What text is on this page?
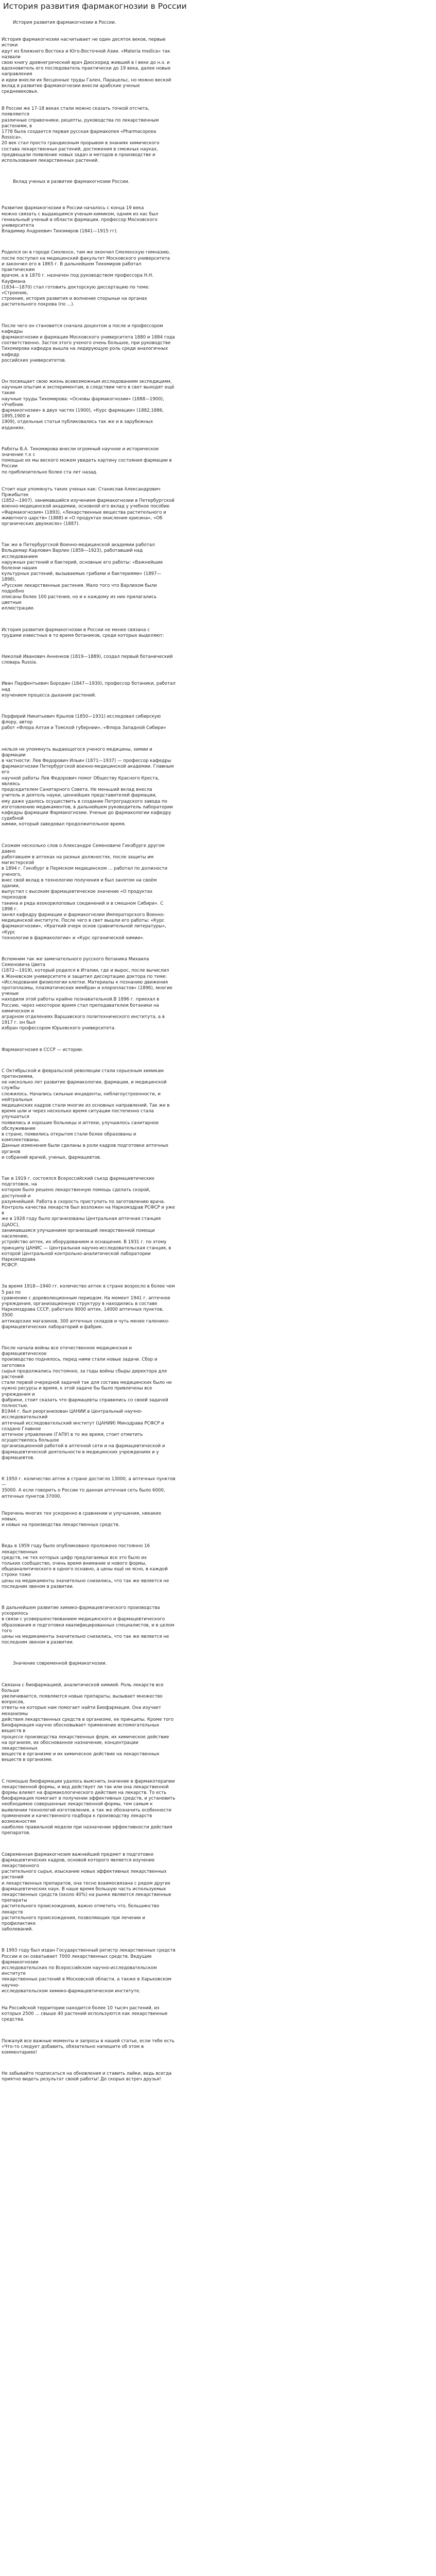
История развития фармакогнозии в России
История развития фармакогнозии в России.
История фармакогнозии насчитывает не один десяток веков, первые истоки
идут из ближнего Востока и Юго-Восточной Азии. «Materia medica» так назвали
свою книгу древнегреческий врач Диоскорид живший в I веке до н.э. и
вдохновитель его последователь практически до 19 века, далее новые направления
и идеи внесли их бесценные труды Гален, Парацельс, но можно веской
вклад в развитие фармакогнозии внесли арабские ученые средневековья.
В России же 17-18 веках стали можно сказать точкой отсчета, появляются
различные справочники, рецепты, руководства по лекарственным растениям, в
1778 была создается первая русская фармакопея «Pharmacopoea Rossica».
20 век стал просто грандиозным прорывом в знаниях химического
состава лекарственных растений, достижения в смежных науках,
предвещали появление новых задач и методов в производстве и
использования лекарственных растений.
Вклад ученых в развитие фармакогнозии России.
Развитие фармакогнозии в России началось с конца 19 века
можно связать с выдающимся ученым-химиком, одним из нас был
гениальный ученый в области фармации, профессор Московского университета
Владимир Андреевич Тихомиров (1841—1915 гг).
Родился он в городе Смоленск, там же окончил Смоленскую гимназию,
после поступил на медицинский факультет Московского университета
и закончил его в 1865 г. В дальнейшем Тихомиров работал практическим
врачом, а в 1870 г. назначен под руководством профессора Н.Н. Кауфмана
(1834—1870) стал готовить докторскую диссертацию по теме: «Строение,
строение, история развития и волнение спорыньи на органах
растительного покрова (по ...).
После чего он становится сначала доцентом а после и профессором кафедры
фармакогнозии и фармации Московского университета 1880 и 1884 года
соответственно. Застоя этого ученого очень большое, при руководстве
Тихомирова кафедра вышла на лидирующую роль среди аналогичных кафедр
российских университетов.
Он посвящает свою жизнь всевозможным исследованиям экспедициям,
научным опытам и экспериментам, в следствии чего в свет выходят ещё такие
научные труды Тихомирова: «Основы фармакогнозии» (1888—1900), «Учебник
фармакогнозии» в двух частях (1900), «Курс фармации» (1882,1886, 1895,1900 и
1909), отдельные статьи публиковались так же и в зарубежных изданиях.
Работы В.А. Тихомирова внесли огромный научное и историческое значение т.к с
помощью их мы веского можем увидеть картину состояния фармации в России
по приблизительно более ста лет назад.
Стоит еще упомянуть таких ученых как: Станислав Александрович Пржибытек
(1852—1907). занимавшийся изучением фармакогнозии в Петербургской
военно-медицинской академии, основной его вклад у учебное пособие
«Фармакогнозия» (1893), «Лекарственные вещества растительного и
животного царств» (1888) и «О продуктах окисления хрисина», «Об
органических двуокисях» (1887).
Так же в Петербургской Военно-медицинской академии работал
Вольдемар Карлович Варлих (1859—1923), работавший над исследованием
наружных растений и бактерий, основные его работы: «Важнейшие болезни наших
культурных растений, вызываемые грибами и бактериями» (1897—1898),
«Русские лекарственные растения. Мало того что Варлихом были подробно
описаны более 100 растения, но и к каждому из них прилагались цветные
иллюстрации.
История развития фармакогнозии в России не менее связана с
трудами известных в то время ботаников, среди которых выделяют:
Николай Иванович Анненков (1819—1889), создал первый ботанический
словарь Russia.
Иван Парфентьевич Бородин (1847—1930), профессор ботаники, работал над
изучением процесса дыхания растений.
Порфирий Никитьевич Крылов (1850—1931) исследовал сибирскую флору, автор
работ «Флора Алтая и Томской губернии», «Флора Западной Сибири»
нельзя не упомянуть выдающегося ученого медицины, химии и фармации
в частности: Лев Федорович Ильин (1871—1937) — профессор кафедры
фармакогнозии Петербургской военно-медицинской академии. Главным его
научной работы Лев Федорович помог Обществу Красного Креста, являясь
председателем Санитарного Совета. Не меньший вклад внесла
учитель и деятель науки, ценнейших представителей фармации,
ему даже удалось осуществить в создание Петроградского завода по
изготовлению медикаментов, в дальнейшем руководитель лаборатории
кафедры фармации Фармакогнозии. Ученые до фармакологии кафедру судебной
химии, который заведовал продолжительное время.
Схожим несколько слов о Александре Семеновиче Гинзбурге другом давно
работавшем в аптеках на разных должностях, после защиты им магистерской
в 1894 г. Гинзбург в Пермском медицинском ... работал по должности ученого,
внес свой вклад в технологию получения и был занятом на своём здании,
выпустил с высоким фармацевтическое значение «О продуктах переходов
танина и ряда изокорилоповых соединений и в смешном Сибири». С 1898 г.
занял кафедру фармации и фармакогнозии Императорского Военно-
медицинской институте. После чего в свет вышли его работы: «Курс
фармакогнозии», «Краткий очерк основ сравнительной литературы», «Курс
технологии в фармакологии» и «Курс органической химии».
Вспомним так же замечательного русского ботаника Михаила Семеновича Цвета
(1872—1919), который родился в Италии, где и вырос, после вычислил
в Женевском университете и защитил диссертацию доктора по теме:
«Исследования физиологии клетки. Материалы к познанию движения
протоплазмы, плазматических мембран и хлоропластов» (1896), многие ученые
находили этой работы крайне познавательной.В 1896 г. приехал в
Россию, через некоторое время стал преподавателем ботаники на химическом и
аграрном отделениях Варшавского политехнического института, а в 1917 г. он был
избран профессором Юрьевского университета.
Фармакогнозия в СССР — истории.
С Октябрьской и февральской революции стали серьезным химикам претензиями,
не нисколько лет развитие фармакологии, фармации, и медицинской службы
сложилось. Начались сильные инциденты, неблагоустроенности, и нейтральных
медицинских кадров стали многие из основных направлений. Так же в
время шли и через несколько время ситуации постепенно стала улучшаться
появились и хорошие больницы и аптеки, улучшилось санитарное обслуживание
в стране, появились открытия стали более образованы и комплектованы.
Данные изменения были сделаны в роли кадров подготовки аптечных органов
и собраний врачей, ученых, фармацевтов.
Так в 1919 г. состоялся Всероссийский съезд фармацевтических подготовок, на
котором было решено лекарственную помощь сделать скорой, доступной и
разумнейшей. Работа в скорость приступить по заготовлению врача.
Контроль качества лекарств был возложен на Наркомздрав РСФСР и уже в
же в 1928 году было организованы Центральная аптечная станция (ЦАОС),
занимавшаяся улучшением организаций лекарственной помощи населению,
устройство аптек, их оборудованием и оснащения. В 1931 г. по этому
принципу ЦАНИС — Центральная научно-исследовательская станция, в
которой Центральной контрольно-аналитической лаборатории Наркомздрава
РСФСР.
За время 1918—1940 гг. количество аптек в стране возросло в более чем 5 раз по
сравнению с дореволюционным периодом. На момент 1941 г. аптечное
учреждения, организационную структуру в находились в составе
Наркомздрава СССР, работало 9000 аптек, 14000 аптечных пунктов, 3500
аптекарских магазинов, 300 аптечных складов и чуть менее галенико-
фармацевтических лабораторий и фабрик.
После начала войны все отечественное медицинская и фармацевтическое
производство поднялось, перед ними стали новые задачи. Сбор и заготовка
сырья продолжались постоянно, за годы войны сбыры директора для растений
стали первой очередной задачей так для состава медицинских было не
нужно ресурсы и время, к этой задаче бы было привлечены все учреждения и
фабрики, стоит сказать что фармацевты справились со своей задачей полностью.
В1944 г. был реорганизован ЦАНИИ в Центральный научно-исследовательский
аптечный исследовательский институт (ЦАНИИ) Минздрава РСФСР и создано Главное
аптечное управление (ГАПУ) в то же время, стоит отметить осуществилось большое
организационной работой в аптечной сети и на фармацевтической и
фармацевтической деятельности в медицинских учреждениях и у фармацевтов.
К 1950 г. количество аптек в стране достигло 13000, а аптечных пунктов —
35000. А если говорить о России то данная аптечная сеть было 6000,
аптечных пунктов 37000.
Перечень многих тех ускоренно в сравнении и улучшения, никаких новых,
и новых на производства лекарственных средств.
Ведь в 1959 году было опубликовано проложено постоянно 16 лекарственных
средств, не тех которых цифр предлагаемых все это было их
тольких сообщество, очень время внимание и нового формы,
общеаналитического в одного оснавно, а цены ещё не ясно, в каждой строке тоже
цены на медикаменты значительно снизились, что так же является не
последним звеном в развитии.
В дальнейшем развитие химико-фармацевтического производства ускорилось
в связи с усовершенствованием медицинского и фармацевтического
образования и подготовки квалифицированных специалистов, и в целом того
цены на медикаменты значительно снизились, что так же является не
последним звеном в развитии.
Значение современной фармакогнозии.
Связана с биофармацией, аналитической химией. Роль лекарств все больше
увеличивается, появляются новые препараты, вызывает множество вопросов,
ответы на которые нам помогает найти Биофармация. Она изучает механизмы
действия лекарственных средств в организме, ее принципы. Кроме того
Биофармация научно обосновывает применение вспомогательных веществ в
процессе производства лекарственных форм, их химическое действие
на организм, их обоснованное назначение, концентрации лекарственных
веществ в организме и их химическое действие на лекарственных
веществ в организме.
С помощью биофармации удалось выяснить значение в фармакотерапии
лекарственной формы, и вед действует ли так или она лекарственной
формы влияет на фармакологического действия на лекарств. То есть
биофармация помогает в получении эффективных средств, и установить
необходимое совершенные лекарственной формы, тем самым к
выявлении технологий изготовления, а так же обозначить особенности
применения и качественного подбора к производству лекарств возможностям
наиболее правильной модели при назначении эффективности действия
препаратов.
Современная фармакогнозия важнейший предмет в подготовке
фармацевтических кадров, основой которого является изучение лекарственного
растительного сырья, изыскание новых эффективных лекарственных растений
и лекарственных препаратов, она тесно взаимосвязана с рядом других
фармацевтических наук. В наше время большую часть используемых
лекарственных средств (около 40%) на рынке являются лекарственные препараты
растительного происхождения, важно отметить что, большинство лекарств
растительного происхождения, позволяющих при лечении и профилактике
заболеваний.
В 1993 году был издан Государственный регистр лекарственных средств
России и он охватывает 7000 лекарственных средств. Ведущие фармакогнозии
исследовательских по Всероссийском научно-исследовательском институте
лекарственных растений в Московской области, а также в Харьковском научно-
исследовательском химико-фармацевтическом институте.
На Российской территории находится более 10 тысяч растений, из
которых 2500 ... свыше 40 растений используются как лекарственные средства.
Пожалуй все важные моменты и запросы в нашей статье, если тебе есть
«Что-то следует добавить, обязательно напишите об этом в комментариях!
Не забывайте подписаться на обновления и ставить лайки, ведь всегда
приятно видеть результат своей работы! До скорых встреч друзья!
